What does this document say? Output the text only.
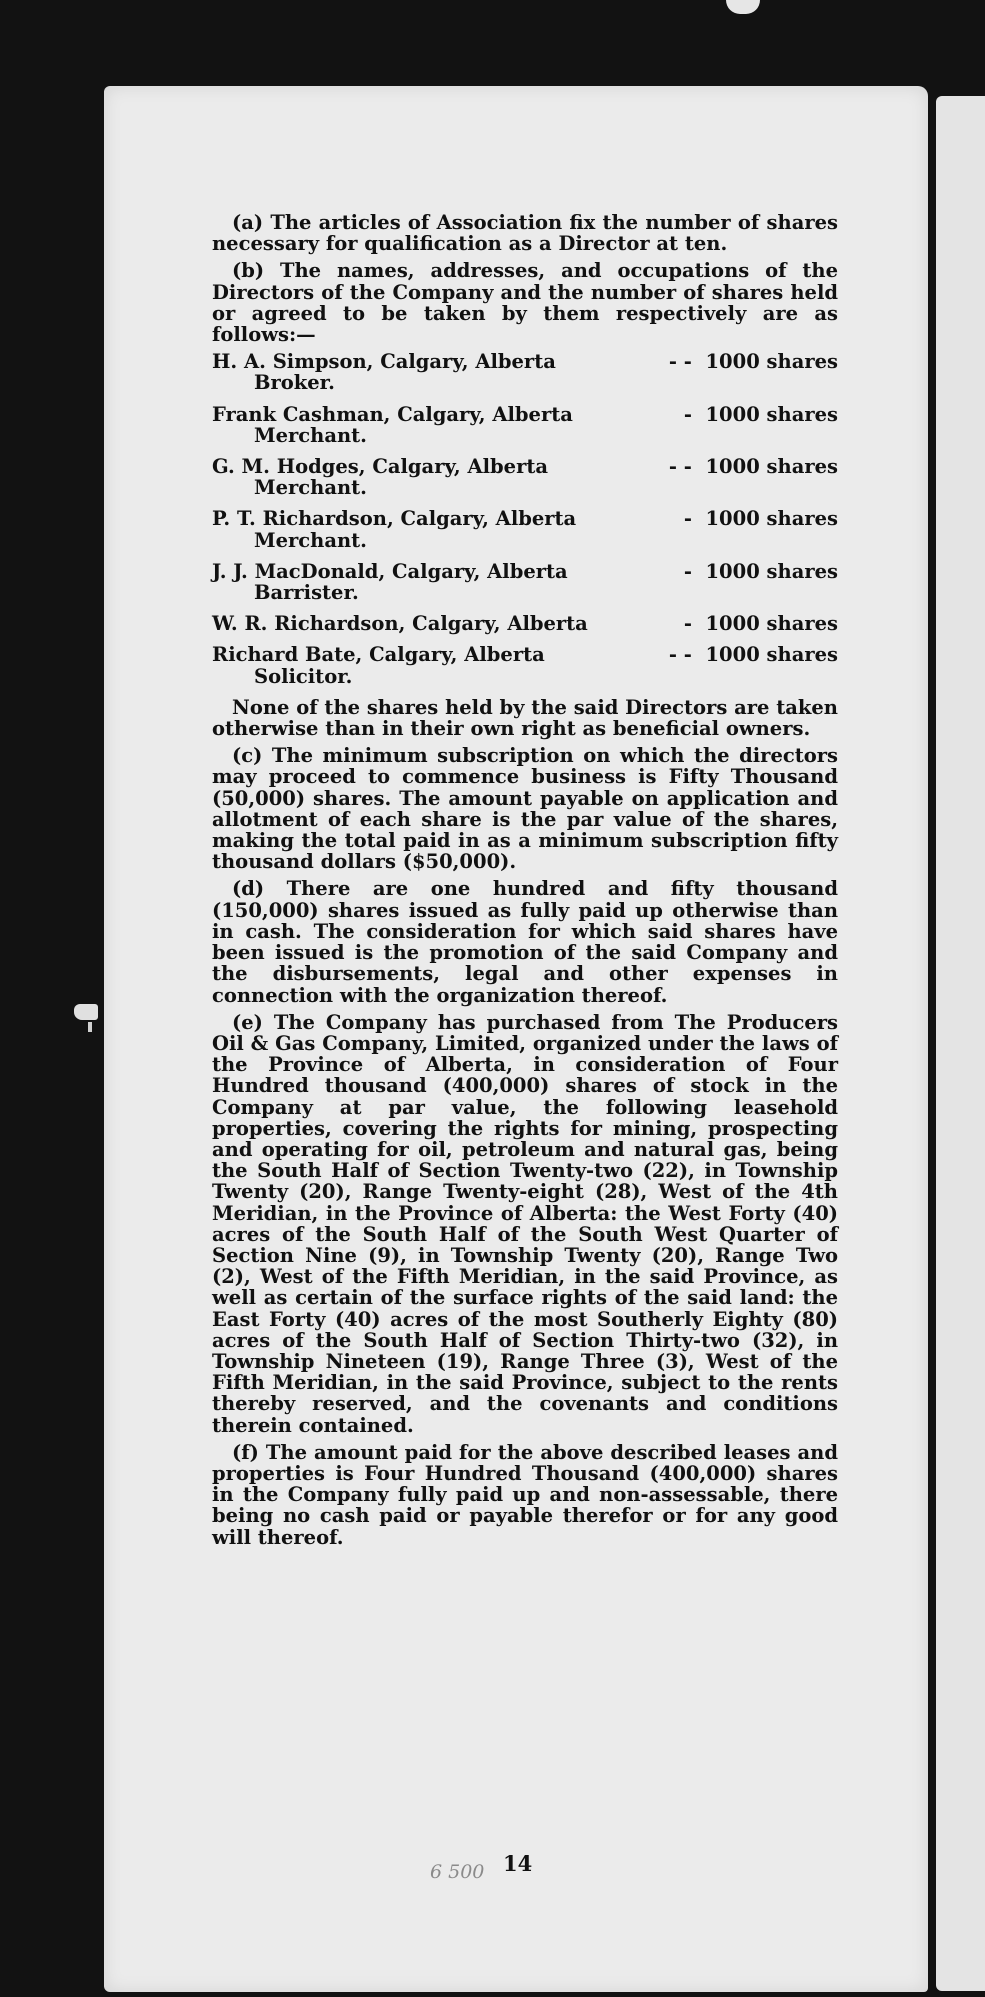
(a) The articles of Association fix the number of shares necessary for qualification as a Director at ten.

(b) The names, addresses, and occupations of the Directors of the Company and the number of shares held or agreed to be taken by them respectively are as follows:—

H. A. Simpson, Calgary, Alberta	- - 1000 shares
Broker.
Frank Cashman, Calgary, Alberta	- 1000 shares
Merchant.
G. M. Hodges, Calgary, Alberta	- - 1000 shares
Merchant.
P. T. Richardson, Calgary, Alberta	- 1000 shares
Merchant.
J. J. MacDonald, Calgary, Alberta	- 1000 shares
Barrister.
W. R. Richardson, Calgary, Alberta	- 1000 shares
Richard Bate, Calgary, Alberta	- - 1000 shares
Solicitor.

None of the shares held by the said Directors are taken otherwise than in their own right as beneficial owners.

(c) The minimum subscription on which the directors may proceed to commence business is Fifty Thousand (50,000) shares. The amount payable on application and allotment of each share is the par value of the shares, making the total paid in as a minimum subscription fifty thousand dollars ($50,000).

(d) There are one hundred and fifty thousand (150,000) shares issued as fully paid up otherwise than in cash. The consideration for which said shares have been issued is the promotion of the said Company and the disbursements, legal and other expenses in connection with the organization thereof.

(e) The Company has purchased from The Producers Oil & Gas Company, Limited, organized under the laws of the Province of Alberta, in consideration of Four Hundred thousand (400,000) shares of stock in the Company at par value, the following leasehold properties, covering the rights for mining, prospecting and operating for oil, petroleum and natural gas, being the South Half of Section Twenty-two (22), in Township Twenty (20), Range Twenty-eight (28), West of the 4th Meridian, in the Province of Alberta: the West Forty (40) acres of the South Half of the South West Quarter of Section Nine (9), in Township Twenty (20), Range Two (2), West of the Fifth Meridian, in the said Province, as well as certain of the surface rights of the said land: the East Forty (40) acres of the most Southerly Eighty (80) acres of the South Half of Section Thirty-two (32), in Township Nineteen (19), Range Three (3), West of the Fifth Meridian, in the said Province, subject to the rents thereby reserved, and the covenants and conditions therein contained.

(f) The amount paid for the above described leases and properties is Four Hundred Thousand (400,000) shares in the Company fully paid up and non-assessable, there being no cash paid or payable therefor or for any good will thereof.

6 500 14
